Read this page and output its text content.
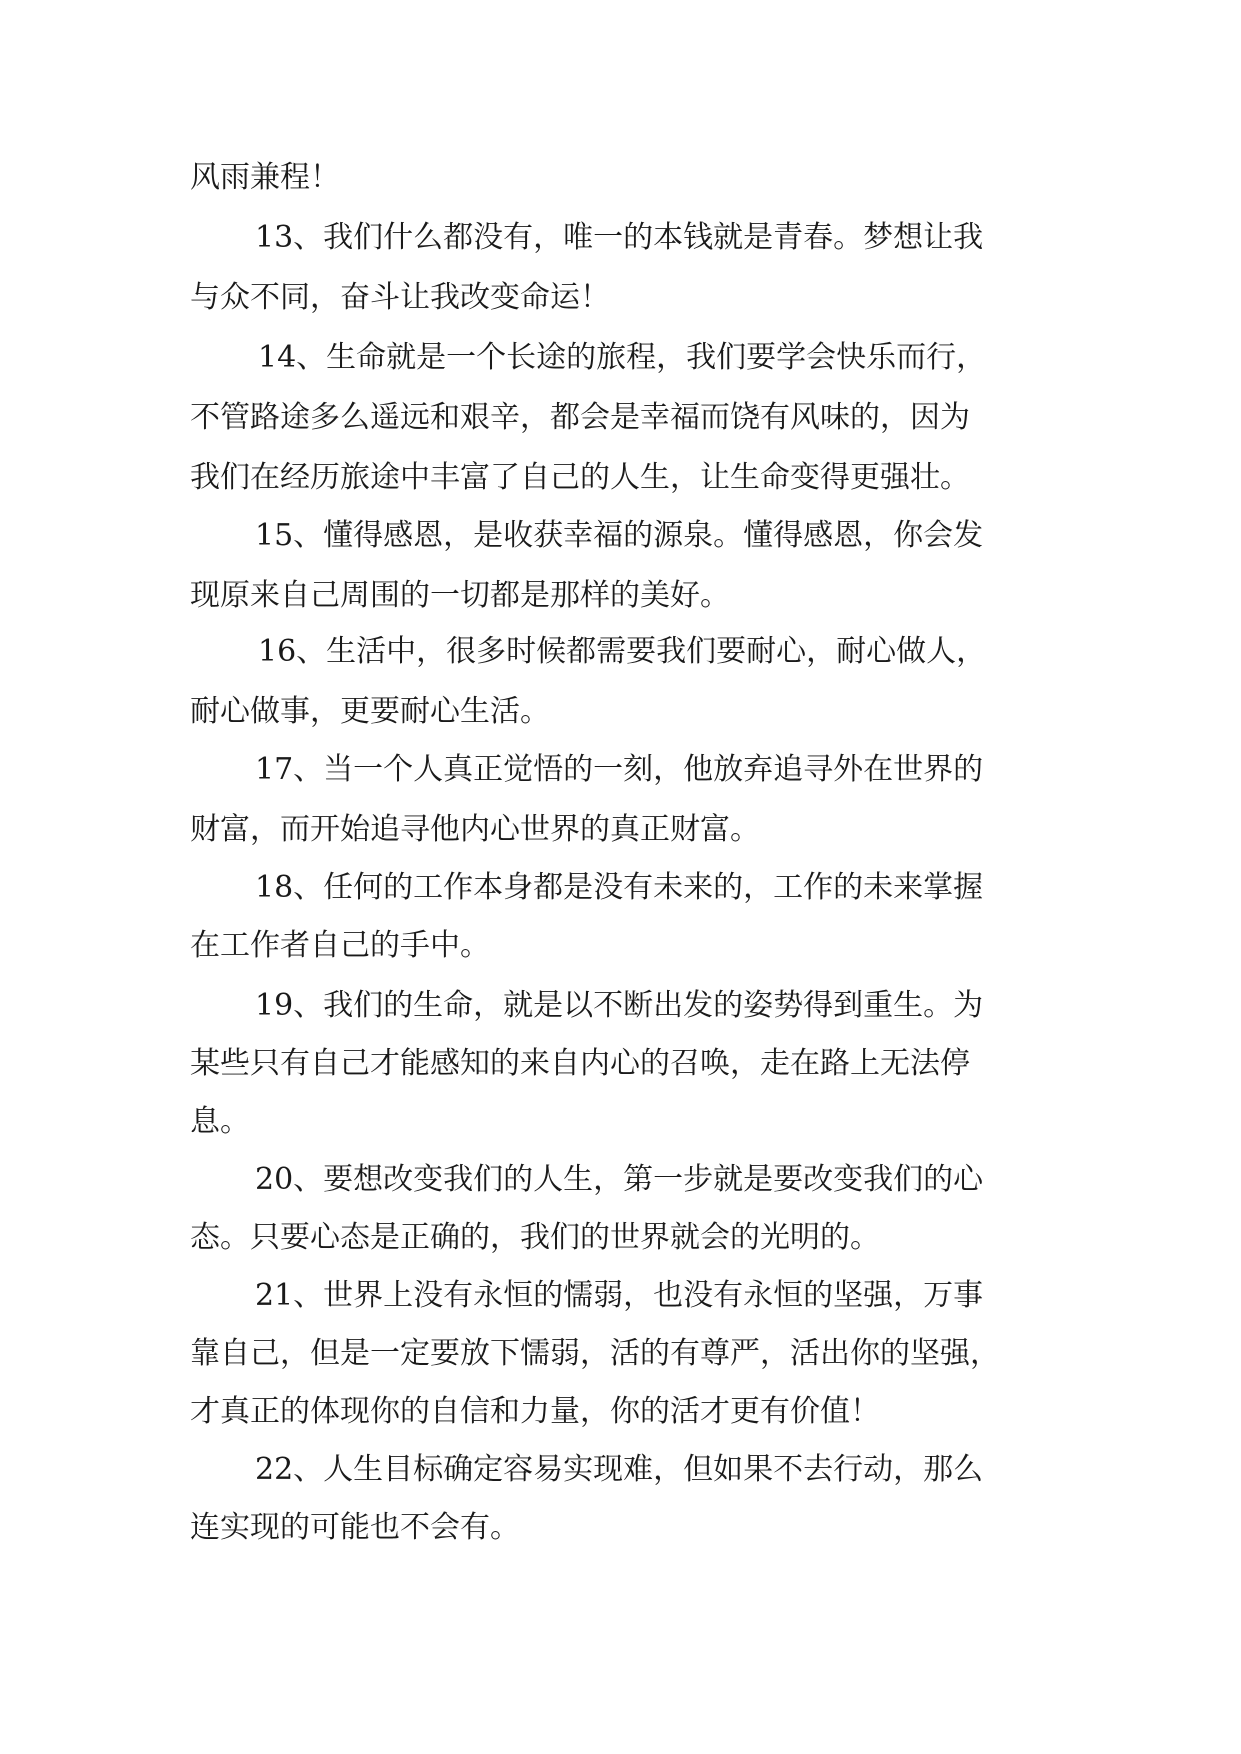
风雨兼程！
13、我们什么都没有，唯一的本钱就是青春。梦想让我
与众不同，奋斗让我改变命运！
14、生命就是一个长途的旅程，我们要学会快乐而行，
不管路途多么遥远和艰辛，都会是幸福而饶有风味的，因为
我们在经历旅途中丰富了自己的人生，让生命变得更强壮。
15、懂得感恩，是收获幸福的源泉。懂得感恩，你会发
现原来自己周围的一切都是那样的美好。
16、生活中，很多时候都需要我们要耐心，耐心做人，
耐心做事，更要耐心生活。
17、当一个人真正觉悟的一刻，他放弃追寻外在世界的
财富，而开始追寻他内心世界的真正财富。
18、任何的工作本身都是没有未来的，工作的未来掌握
在工作者自己的手中。
19、我们的生命，就是以不断出发的姿势得到重生。为
某些只有自己才能感知的来自内心的召唤，走在路上无法停
息。
20、要想改变我们的人生，第一步就是要改变我们的心
态。只要心态是正确的，我们的世界就会的光明的。
21、世界上没有永恒的懦弱，也没有永恒的坚强，万事
靠自己，但是一定要放下懦弱，活的有尊严，活出你的坚强，
才真正的体现你的自信和力量，你的活才更有价值！
22、人生目标确定容易实现难，但如果不去行动，那么
连实现的可能也不会有。
